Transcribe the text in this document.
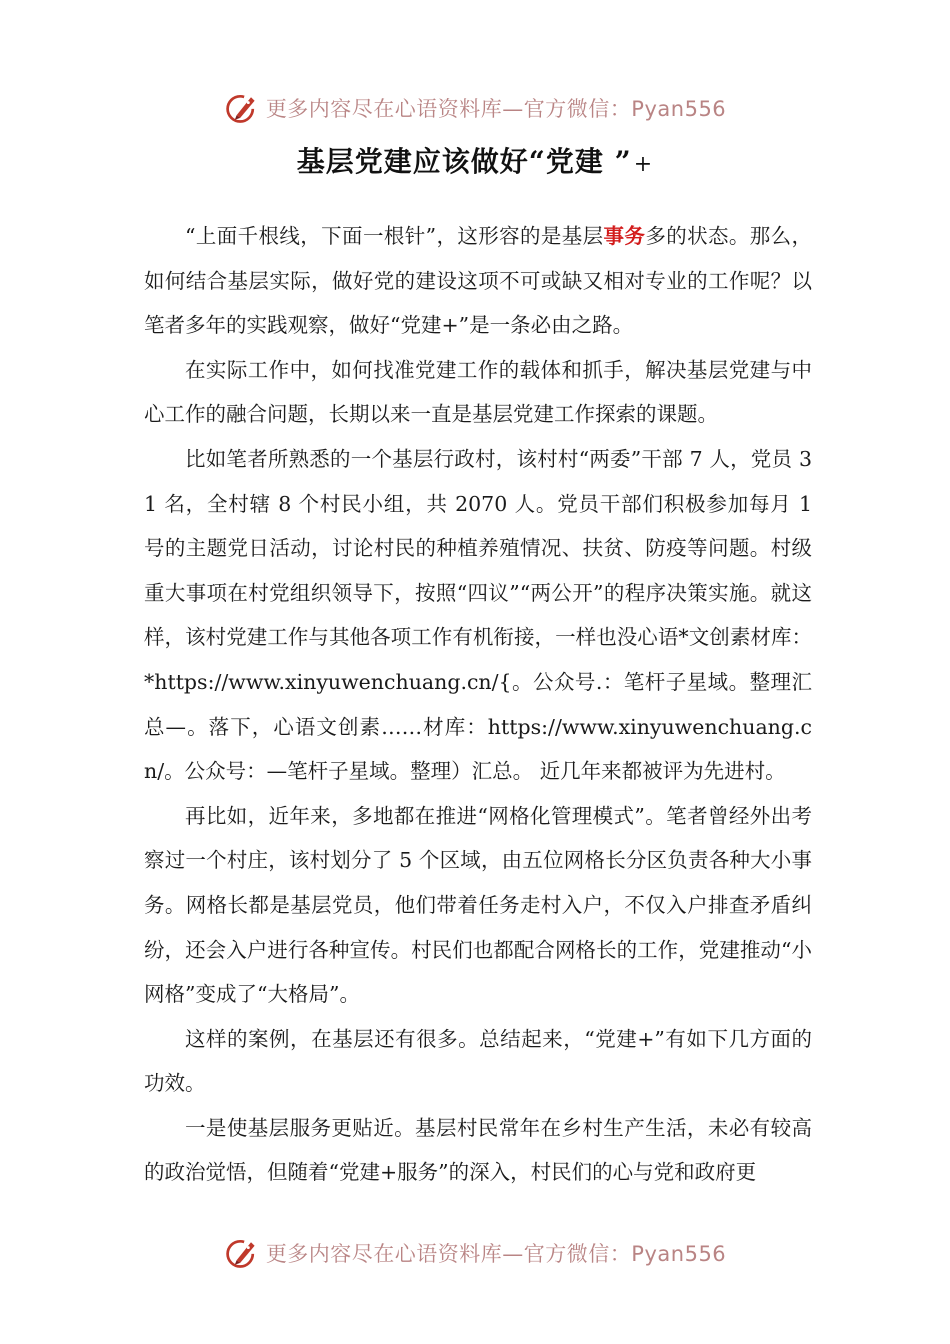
更多内容尽在心语资料库—官方微信：Pyan556
基层党建应该做好“党建 ”+

“上面千根线，下面一根针”，这形容的是基层事务多的状态。那么，如何结合基层实际，做好党的建设这项不可或缺又相对专业的工作呢？以笔者多年的实践观察，做好“党建+”是一条必由之路。

在实际工作中，如何找准党建工作的载体和抓手，解决基层党建与中心工作的融合问题，长期以来一直是基层党建工作探索的课题。

比如笔者所熟悉的一个基层行政村，该村村“两委”干部 7 人，党员 31 名，全村辖 8 个村民小组，共 2070 人。党员干部们积极参加每月 1 号的主题党日活动，讨论村民的种植养殖情况、扶贫、防疫等问题。村级重大事项在村党组织领导下，按照“四议”“两公开”的程序决策实施。就这样，该村党建工作与其他各项工作有机衔接，一样也没心语*文创素材库：*https://www.xinyuwenchuang.cn/{。公众号.：笔杆子星域。整理汇总—。落下，心语文创素……材库：https://www.xinyuwenchuang.cn/。公众号：—笔杆子星域。整理）汇总。 近几年来都被评为先进村。

再比如，近年来，多地都在推进“网格化管理模式”。笔者曾经外出考察过一个村庄，该村划分了 5 个区域，由五位网格长分区负责各种大小事务。网格长都是基层党员，他们带着任务走村入户，不仅入户排查矛盾纠纷，还会入户进行各种宣传。村民们也都配合网格长的工作，党建推动“小网格”变成了“大格局”。

这样的案例，在基层还有很多。总结起来，“党建+”有如下几方面的功效。

一是使基层服务更贴近。基层村民常年在乡村生产生活，未必有较高的政治觉悟，但随着“党建+服务”的深入，村民们的心与党和政府更

更多内容尽在心语资料库—官方微信：Pyan556
